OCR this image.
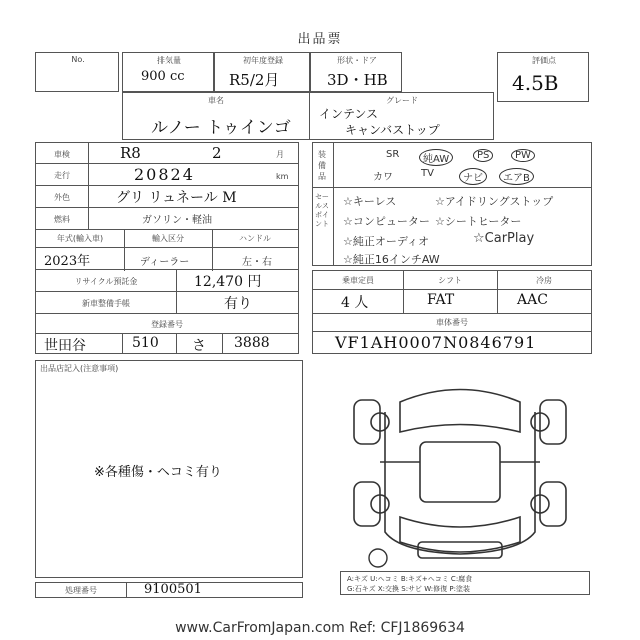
出品票
No.	排気量
900 cc
初年度登録
R5/2月
形状・ドア
3D・HB
評価点
4.5B
車名
ルノー トゥインゴ
グレード
インテンス
キャンバストップ
車検	R8	2	月
走行	20824	km
外色	グリ リュネール M
燃料	ガソリン・軽油
年式(輸入車)	輸入区分	ハンドル
2023年	ディーラー	左・右
リサイクル預託金	12,470 円
新車整備手帳	有り
登録番号
世田谷	510 さ 3888
装備品
SR	純AW	PS	PW
カワ	TV	ナビ	エアB
セールスポイント
☆キーレス	☆アイドリングストップ
☆コンピューター ☆シートヒーター
☆純正オーディオ	☆CarPlay
☆純正16インチAW
乗車定員	シフト	冷房
4 人	FAT	AAC
車体番号
VF1AH0007N0846791
出品店記入(注意事項)
※各種傷・ヘコミ有り
A:キズ U:ヘコミ B:キズ+ヘコミ C:腐食
G:石キズ X:交換 S:サビ W:修復 P:塗装
処理番号	9100501
www.CarFromJapan.com Ref: CFJ1869634
